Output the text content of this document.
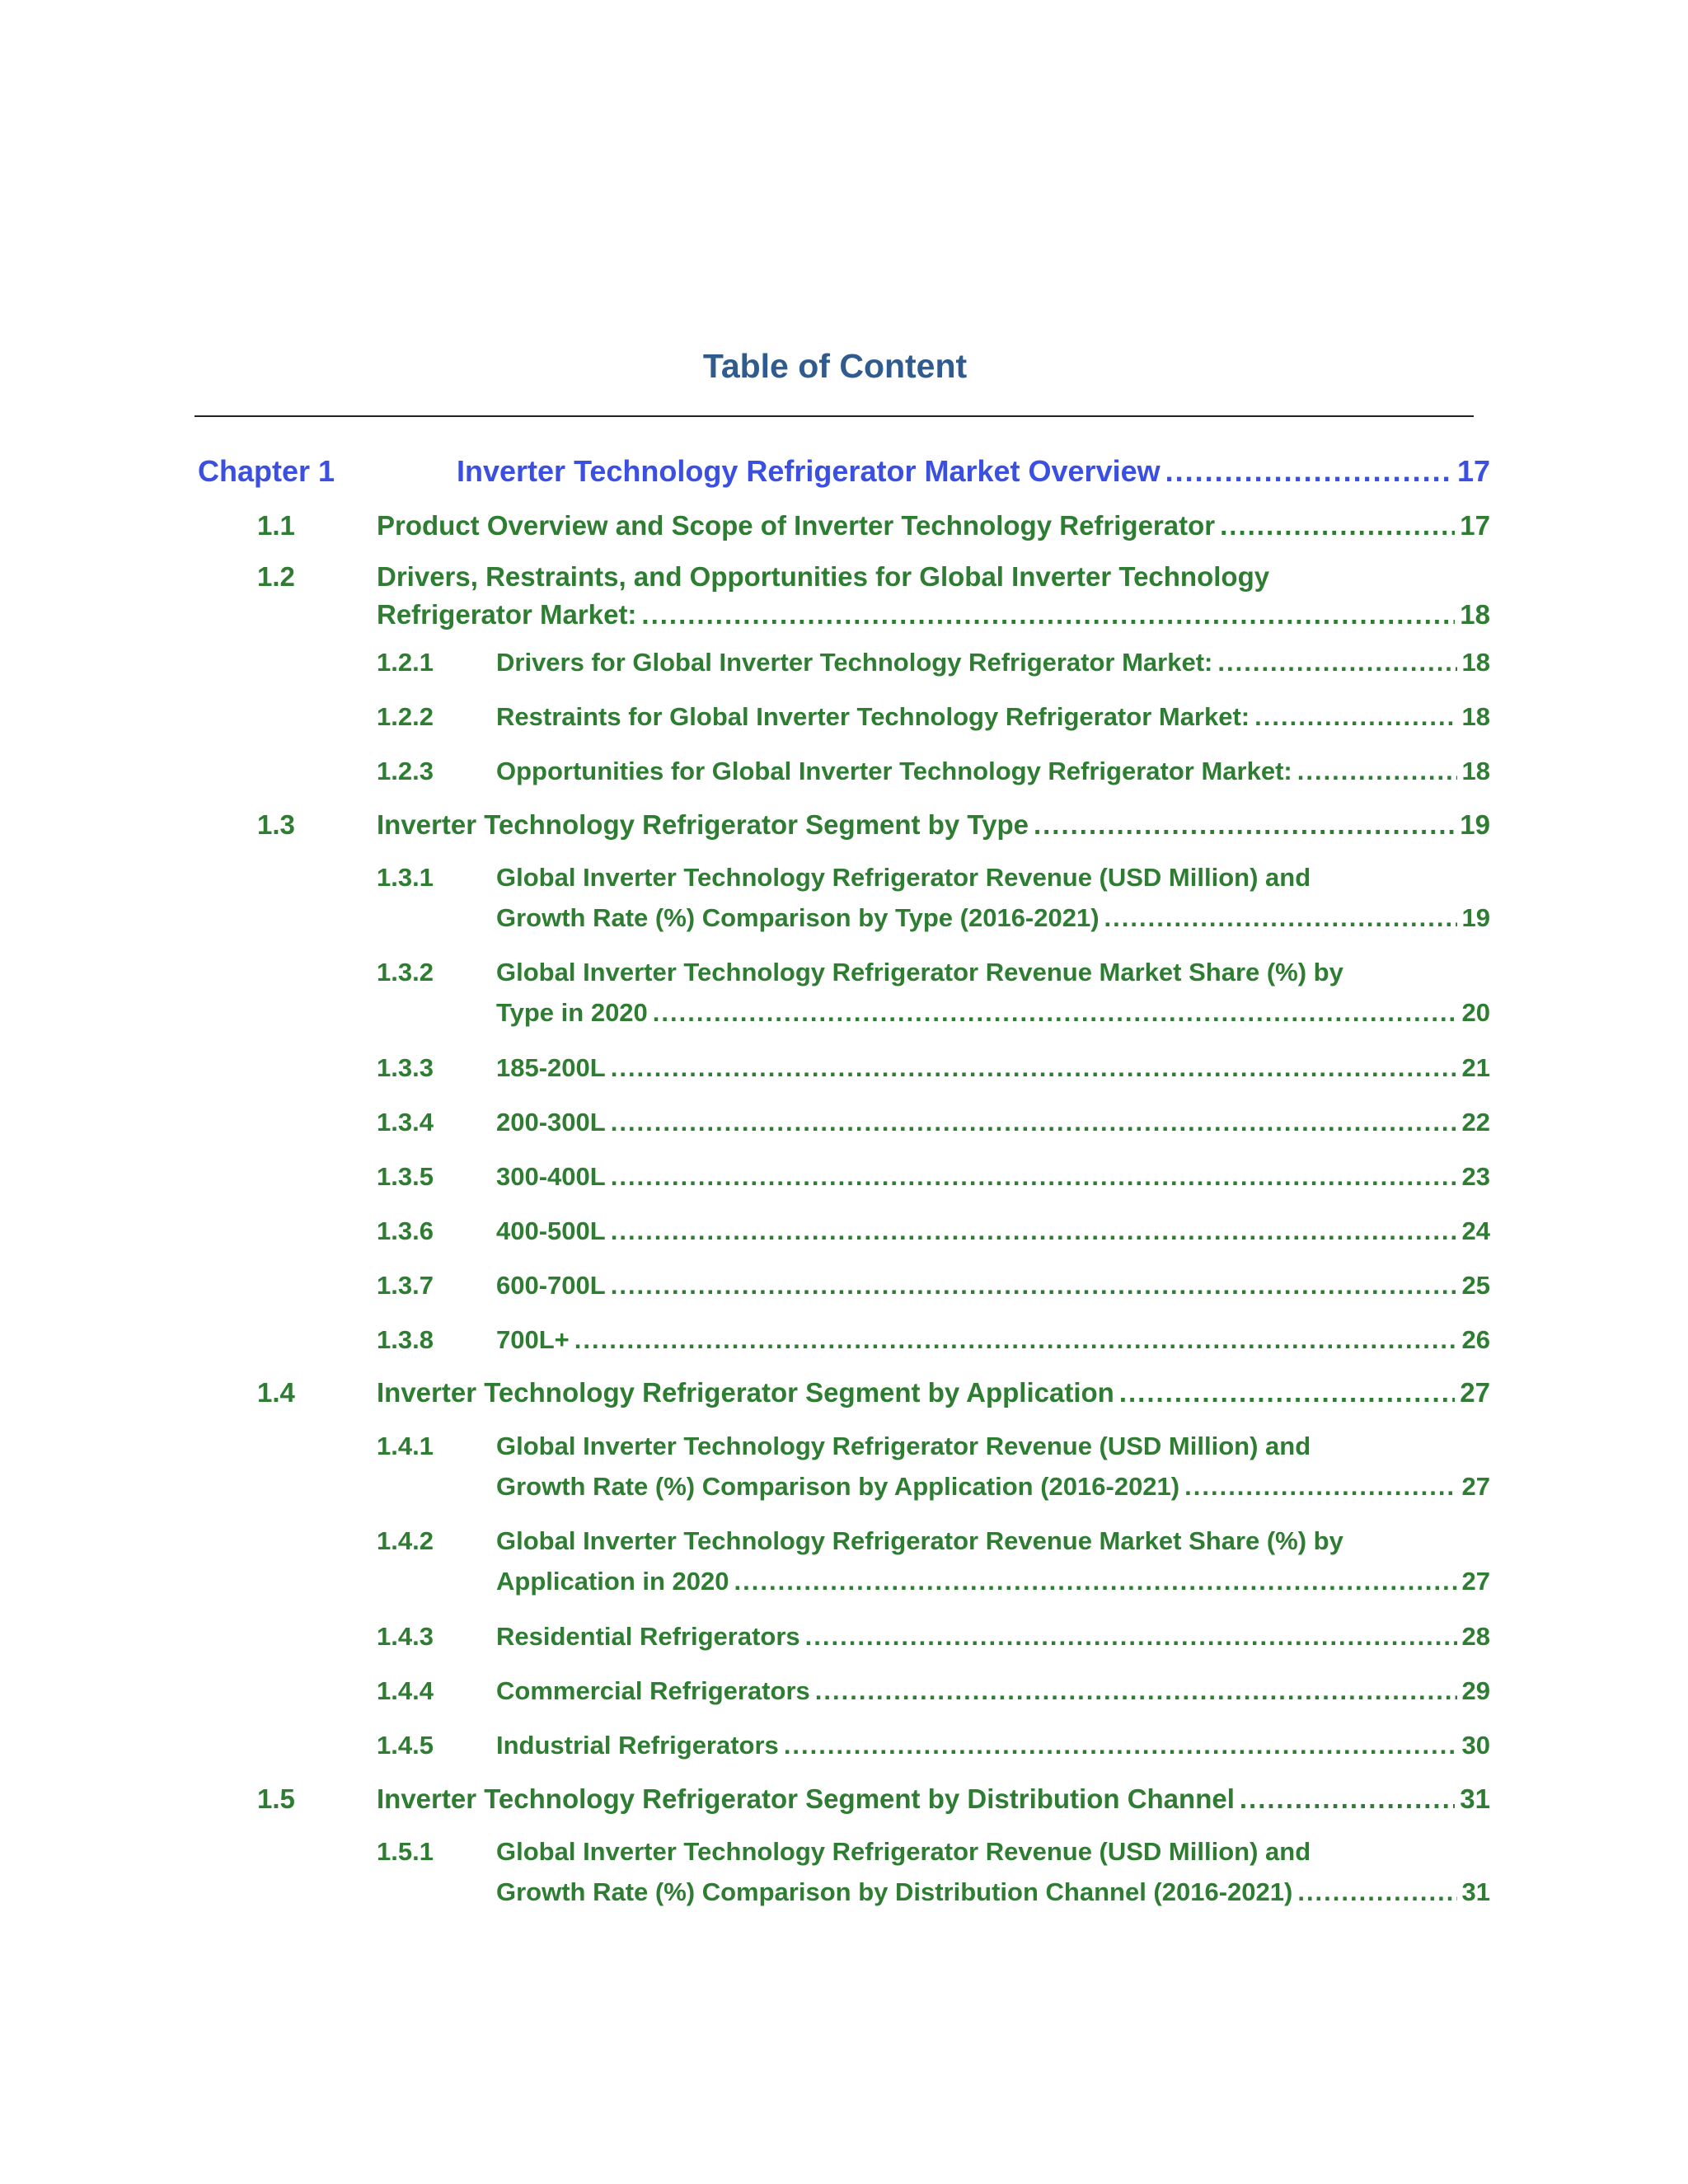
Table of Content
Chapter 1	Inverter Technology Refrigerator Market Overview .....	17
1.1	Product Overview and Scope of Inverter Technology Refrigerator .....	17
1.2	Drivers, Restraints, and Opportunities for Global Inverter Technology
Refrigerator Market: .....	18
1.2.1 Drivers for Global Inverter Technology Refrigerator Market: .....	18
1.2.2 Restraints for Global Inverter Technology Refrigerator Market: .....	18
1.2.3 Opportunities for Global Inverter Technology Refrigerator Market: .....	18
1.3	Inverter Technology Refrigerator Segment by Type .....	19
1.3.1 Global Inverter Technology Refrigerator Revenue (USD Million) and
Growth Rate (%) Comparison by Type (2016-2021) .....	19
1.3.2 Global Inverter Technology Refrigerator Revenue Market Share (%) by
Type in 2020 .....	20
1.3.3 185-200L .....	21
1.3.4 200-300L .....	22
1.3.5 300-400L .....	23
1.3.6 400-500L .....	24
1.3.7 600-700L .....	25
1.3.8 700L+ .....	26
1.4	Inverter Technology Refrigerator Segment by Application .....	27
1.4.1 Global Inverter Technology Refrigerator Revenue (USD Million) and
Growth Rate (%) Comparison by Application (2016-2021) .....	27
1.4.2 Global Inverter Technology Refrigerator Revenue Market Share (%) by
Application in 2020 .....	27
1.4.3 Residential Refrigerators .....	28
1.4.4 Commercial Refrigerators .....	29
1.4.5 Industrial Refrigerators .....	30
1.5	Inverter Technology Refrigerator Segment by Distribution Channel .....	31
1.5.1 Global Inverter Technology Refrigerator Revenue (USD Million) and
Growth Rate (%) Comparison by Distribution Channel (2016-2021) .....	31
